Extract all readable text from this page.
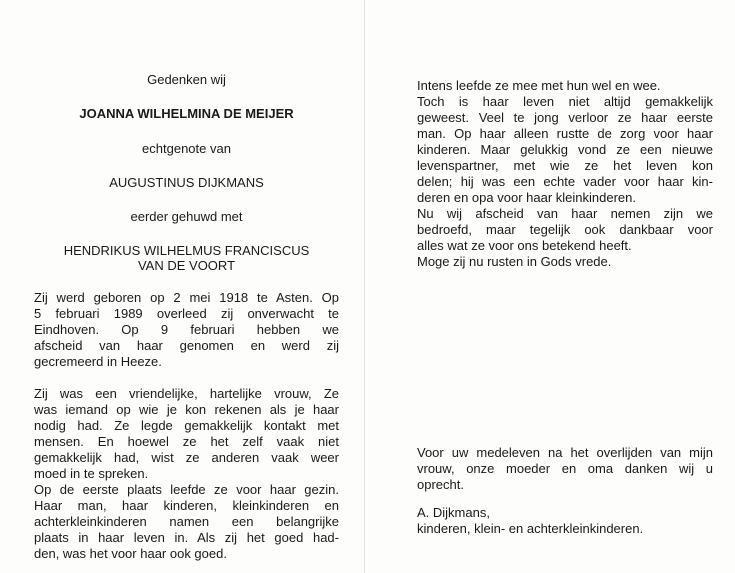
Gedenken wij
JOANNA WILHELMINA DE MEIJER
echtgenote van
AUGUSTINUS DIJKMANS
eerder gehuwd met
HENDRIKUS WILHELMUS FRANCISCUS
VAN DE VOORT
Zij werd geboren op 2 mei 1918 te Asten. Op
5 februari 1989 overleed zij onverwacht te
Eindhoven. Op 9 februari hebben we
afscheid van haar genomen en werd zij
gecremeerd in Heeze.
Zij was een vriendelijke, hartelijke vrouw, Ze
was iemand op wie je kon rekenen als je haar
nodig had. Ze legde gemakkelijk kontakt met
mensen. En hoewel ze het zelf vaak niet
gemakkelijk had, wist ze anderen vaak weer
moed in te spreken.
Op de eerste plaats leefde ze voor haar gezin.
Haar man, haar kinderen, kleinkinderen en
achterkleinkinderen namen een belangrijke
plaats in haar leven in. Als zij het goed had-
den, was het voor haar ook goed.
Intens leefde ze mee met hun wel en wee.
Toch is haar leven niet altijd gemakkelijk
geweest. Veel te jong verloor ze haar eerste
man. Op haar alleen rustte de zorg voor haar
kinderen. Maar gelukkig vond ze een nieuwe
levenspartner, met wie ze het leven kon
delen; hij was een echte vader voor haar kin-
deren en opa voor haar kleinkinderen.
Nu wij afscheid van haar nemen zijn we
bedroefd, maar tegelijk ook dankbaar voor
alles wat ze voor ons betekend heeft.
Moge zij nu rusten in Gods vrede.
Voor uw medeleven na het overlijden van mijn
vrouw, onze moeder en oma danken wij u
oprecht.
A. Dijkmans,
kinderen, klein- en achterkleinkinderen.
